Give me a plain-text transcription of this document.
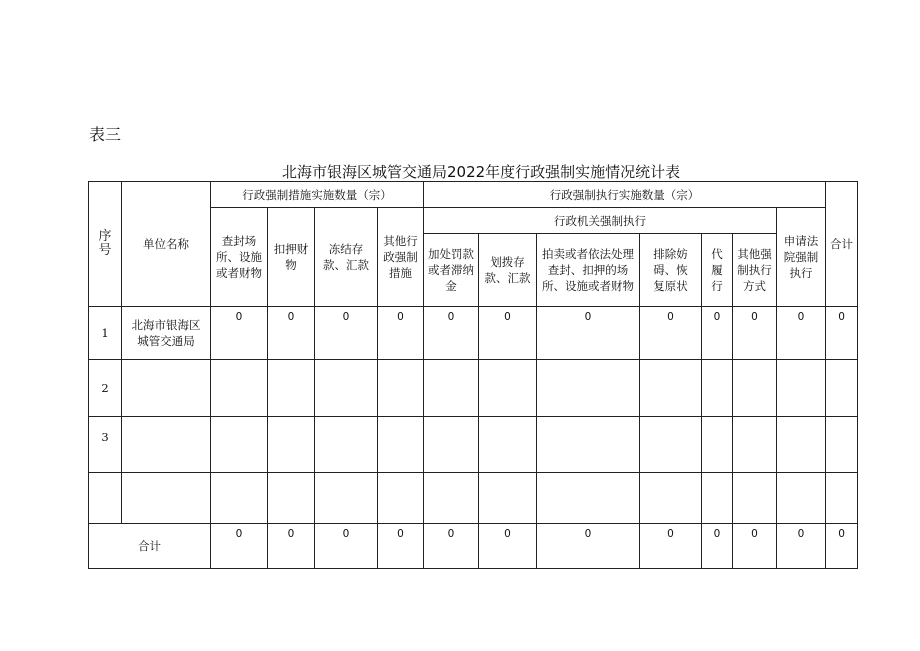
表三
北海市银海区城管交通局2022年度行政强制实施情况统计表
序号	单位名称	行政强制措施实施数量（宗）				行政强制执行实施数量（宗）							合计
		查封场所、设施或者财物	扣押财物	冻结存款、汇款	其他行政强制措施	行政机关强制执行						申请法院强制执行	
						加处罚款或者滞纳金	划拨存款、汇款	拍卖或者依法处理查封、扣押的场所、设施或者财物	排除妨碍、恢复原状	代履行	其他强制执行方式		
1	北海市银海区城管交通局	0	0	0	0	0	0	0	0	0	0	0	0

2													
3													

合计		0	0	0	0	0	0	0	0	0	0	0	0
